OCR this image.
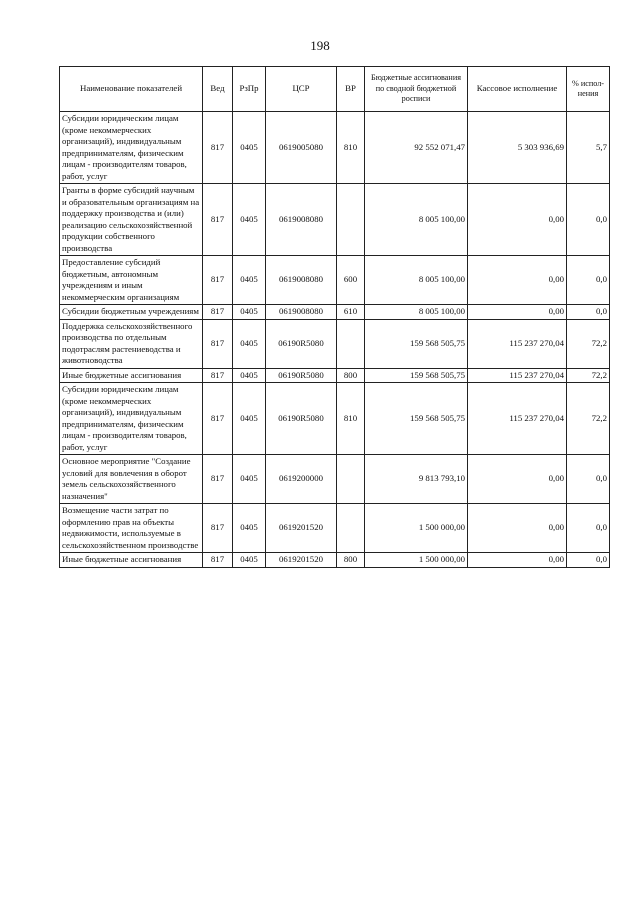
198
Наименование показателей	Вед	РзПр	ЦСР	ВР	Бюджетные ассигнования по сводной бюджетной росписи	Кассовое исполнение	% испол-нения
Субсидии юридическим лицам (кроме некоммерческих организаций), индивидуальным предпринимателям, физическим лицам - производителям товаров, работ, услуг	817	0405	0619005080	810	92 552 071,47	5 303 936,69	5,7
Гранты в форме субсидий научным и образовательным организациям на поддержку производства и (или) реализацию сельскохозяйственной продукции собственного производства	817	0405	0619008080		8 005 100,00	0,00	0,0
Предоставление субсидий бюджетным, автономным учреждениям и иным некоммерческим организациям	817	0405	0619008080	600	8 005 100,00	0,00	0,0
Субсидии бюджетным учреждениям	817	0405	0619008080	610	8 005 100,00	0,00	0,0
Поддержка сельскохозяйственного производства по отдельным подотраслям растениеводства и животноводства	817	0405	06190R5080		159 568 505,75	115 237 270,04	72,2
Иные бюджетные ассигнования	817	0405	06190R5080	800	159 568 505,75	115 237 270,04	72,2
Субсидии юридическим лицам (кроме некоммерческих организаций), индивидуальным предпринимателям, физическим лицам - производителям товаров, работ, услуг	817	0405	06190R5080	810	159 568 505,75	115 237 270,04	72,2
Основное мероприятие "Создание условий для вовлечения в оборот земель сельскохозяйственного назначения"	817	0405	0619200000		9 813 793,10	0,00	0,0
Возмещение части затрат по оформлению прав на объекты недвижимости, используемые в сельскохозяйственном производстве	817	0405	0619201520		1 500 000,00	0,00	0,0
Иные бюджетные ассигнования	817	0405	0619201520	800	1 500 000,00	0,00	0,0
